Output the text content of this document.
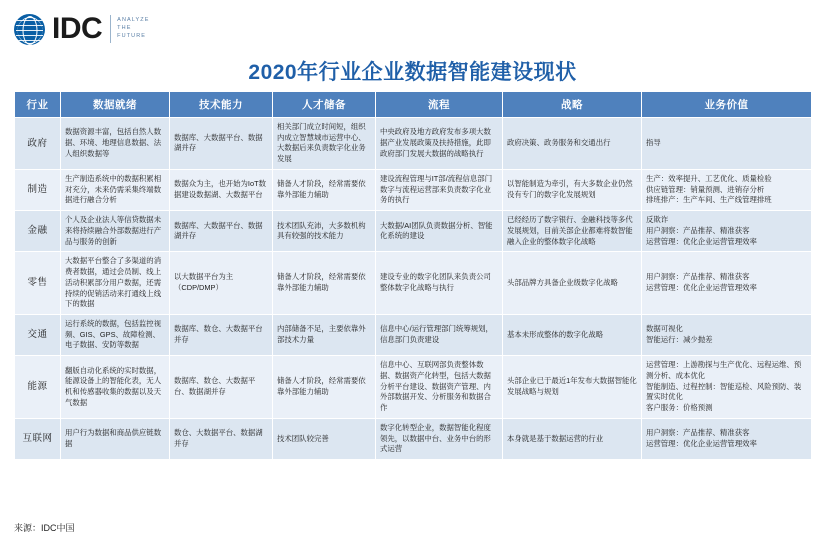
IDC	ANALYZE
THE
FUTURE
2020年行业企业数据智能建设现状
行业	数据就绪	技术能力	人才储备	流程	战略	业务价值
政府	数据资源丰富，包括自然人数据、环境、地理信息数据、法人组织数据等	数据库、大数据平台、数据湖并存	相关部门成立时间短，组织内成立智慧城市运营中心、大数据后来负责数字化业务发展	中央政府及地方政府发布多项大数据产业发展政策及扶持措施，此即政府部门发展大数据的战略执行	政府决策、政务服务和交通出行	指导
制造	生产制造系统中的数据积累相对充分，未来仍需采集终端数据进行融合分析	数据众为主，也开始为IoT数据建设数据湖、大数据平台	储备人才阶段，经常需要依靠外部能力辅助	建设流程管理与IT部/流程信息部门数字与流程运营部来负责数字化业务的执行	以智能制造为牵引，有大多数企业仍然没有专门的数字化发展规划	生产：效率提升、工艺优化、质量检验
供应链管理：销量预测、进销存分析
排班排产：生产车间、生产线管理排班

金融	个人及企业法人等信贷数据未来将持续融合外部数据进行产品与服务的创新	数据库、大数据平台、数据湖并存	技术团队充沛，大多数机构具有较强的技术能力	大数据/AI团队负责数据分析、智能化系统的建设	已经经历了数字银行、金融科技等多代发展规划，目前关部企业都难将数智能融入企业的整体数字化战略	反欺诈
用户洞察：产品推荐、精准获客
运营管理：优化企业运营管理效率

零售	大数据平台整合了多渠道的消费者数据，通过会员制、线上活动积累部分用户数据，还需持续的促销活动来打通线上线下的数据	以大数据平台为主（CDP/DMP）	储备人才阶段，经常需要依靠外部能力辅助	建设专业的数字化团队来负责公司整体数字化战略与执行	头部品牌方具备企业级数字化战略	用户洞察：产品推荐、精准获客
运营管理：优化企业运营管理效率

交通	运行系统的数据，包括监控视频、GIS、GPS、故障检测、电子数据、安防等数据	数据库、数仓、大数据平台并存	内部储备不足，主要依靠外部技术力量	信息中心/运行管理部门统筹规划，信息部门负责建设	基本未形成整体的数字化战略	数据可视化
智能运行：减少抛差

能源	翻版自动化系统的实时数据，能源设备上的智能化表，无人机和传感器收集的数据以及天气数据	数据库、数仓、大数据平台、数据湖并存	储备人才阶段，经常需要依靠外部能力辅助	信息中心、互联网部负责整体数据、数据资产化转型，包括大数据分析平台建设、数据资产管理、内外部数据开发、分析服务和数据合作	头部企业已于最近1年发布大数据智能化发展战略与规划	运营管理：上游勘探与生产优化、远程运维、预测分析、成本优化
智能制造、过程控制：智能巡检、风险预防、装置实时优化
客户服务：价格预测

互联网	用户行为数据和商品供应链数据	数仓、大数据平台、数据湖并存	技术团队较完善	数字化转型企业，数据智能化程度领先，以数据中台、业务中台的形式运营	本身就是基于数据运营的行业	用户洞察：产品推荐、精准获客
运营管理：优化企业运营管理效率
来源：IDC中国
